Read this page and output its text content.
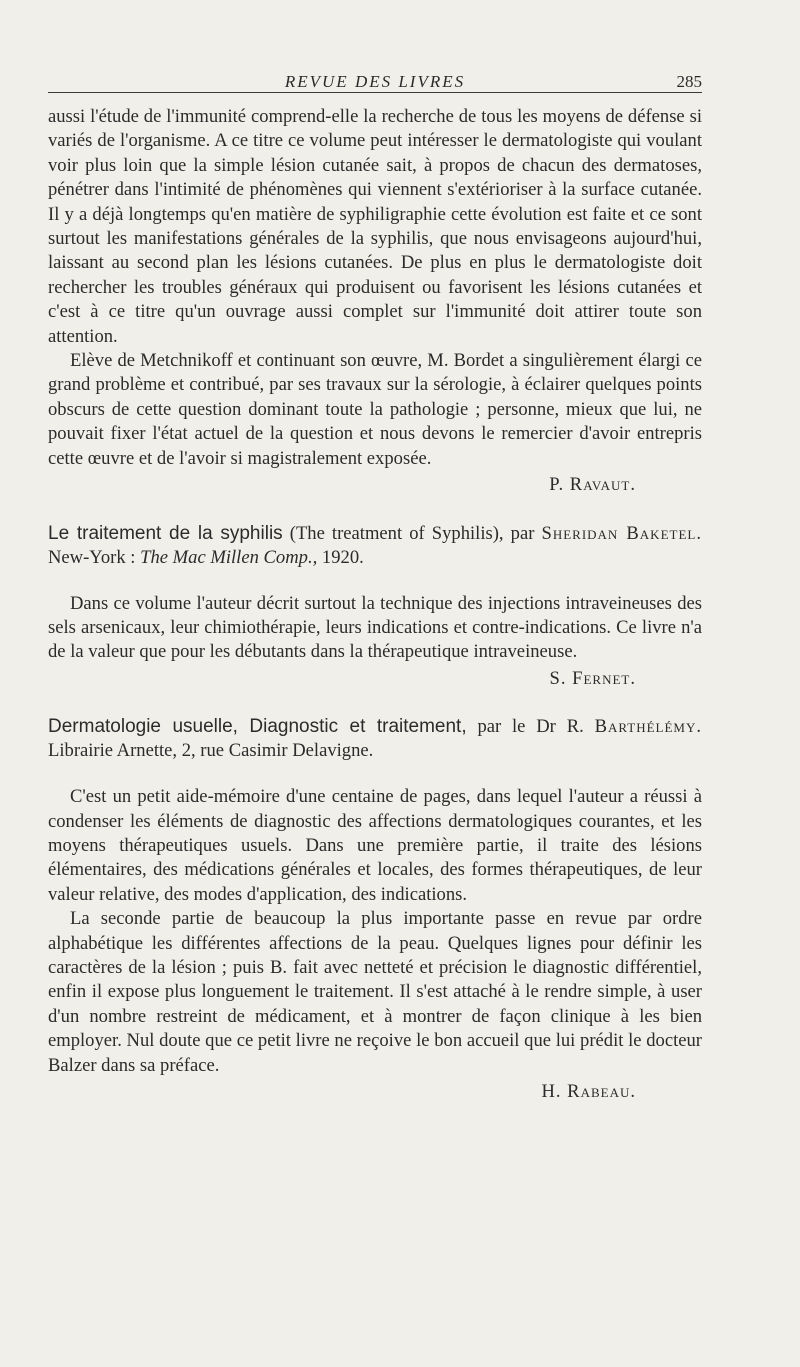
REVUE DES LIVRES	285

aussi l'étude de l'immunité comprend-elle la recherche de tous les moyens de défense si variés de l'organisme. A ce titre ce volume peut intéresser le dermatologiste qui voulant voir plus loin que la simple lésion cutanée sait, à propos de chacun des dermatoses, pénétrer dans l'intimité de phénomènes qui viennent s'extérioriser à la surface cutanée. Il y a déjà longtemps qu'en matière de syphiligraphie cette évolution est faite et ce sont surtout les manifestations générales de la syphilis, que nous envisageons aujourd'hui, laissant au second plan les lésions cutanées. De plus en plus le dermatologiste doit rechercher les troubles généraux qui produisent ou favorisent les lésions cutanées et c'est à ce titre qu'un ouvrage aussi complet sur l'immunité doit attirer toute son attention.

Elève de Metchnikoff et continuant son œuvre, M. Bordet a singulièrement élargi ce grand problème et contribué, par ses travaux sur la sérologie, à éclairer quelques points obscurs de cette question dominant toute la pathologie ; personne, mieux que lui, ne pouvait fixer l'état actuel de la question et nous devons le remercier d'avoir entrepris cette œuvre et de l'avoir si magistralement exposée.

P. Ravaut.

Le traitement de la syphilis (The treatment of Syphilis), par Sheridan Baketel. New-York : The Mac Millen Comp., 1920.

Dans ce volume l'auteur décrit surtout la technique des injections intraveineuses des sels arsenicaux, leur chimiothérapie, leurs indications et contre-indications. Ce livre n'a de la valeur que pour les débutants dans la thérapeutique intraveineuse.

S. Fernet.

Dermatologie usuelle, Diagnostic et traitement, par le Dr R. Barthélémy. Librairie Arnette, 2, rue Casimir Delavigne.

C'est un petit aide-mémoire d'une centaine de pages, dans lequel l'auteur a réussi à condenser les éléments de diagnostic des affections dermatologiques courantes, et les moyens thérapeutiques usuels. Dans une première partie, il traite des lésions élémentaires, des médications générales et locales, des formes thérapeutiques, de leur valeur relative, des modes d'application, des indications.

La seconde partie de beaucoup la plus importante passe en revue par ordre alphabétique les différentes affections de la peau. Quelques lignes pour définir les caractères de la lésion ; puis B. fait avec netteté et précision le diagnostic différentiel, enfin il expose plus longuement le traitement. Il s'est attaché à le rendre simple, à user d'un nombre restreint de médicament, et à montrer de façon clinique à les bien employer. Nul doute que ce petit livre ne reçoive le bon accueil que lui prédit le docteur Balzer dans sa préface.

H. Rabeau.
